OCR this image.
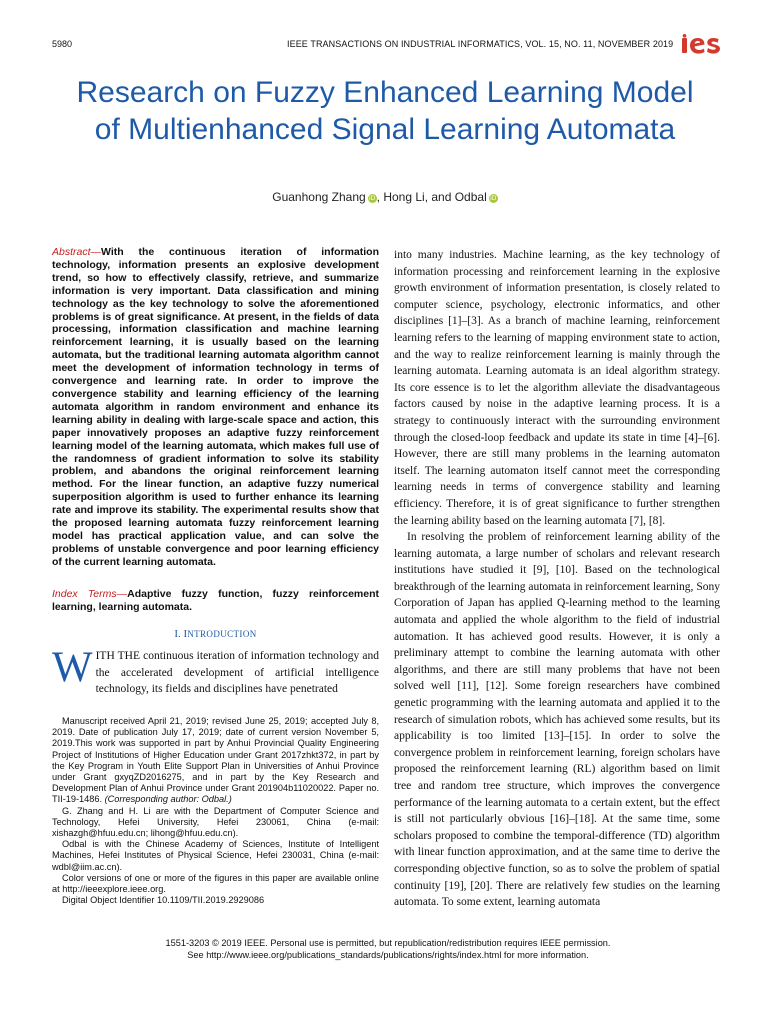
5980	IEEE TRANSACTIONS ON INDUSTRIAL INFORMATICS, VOL. 15, NO. 11, NOVEMBER 2019
Research on Fuzzy Enhanced Learning Model of Multienhanced Signal Learning Automata
Guanhong Zhang iD, Hong Li, and Odbal iD

Abstract—With the continuous iteration of information technology, information presents an explosive development trend, so how to effectively classify, retrieve, and summarize information is very important. Data classification and mining technology as the key technology to solve the aforementioned problems is of great significance. At present, in the fields of data processing, information classification and machine learning reinforcement learning, it is usually based on the learning automata, but the traditional learning automata algorithm cannot meet the development of information technology in terms of convergence and learning rate. In order to improve the convergence stability and learning efficiency of the learning automata algorithm in random environment and enhance its learning ability in dealing with large-scale space and action, this paper innovatively proposes an adaptive fuzzy reinforcement learning model of the learning automata, which makes full use of the randomness of gradient information to solve its stability problem, and abandons the original reinforcement learning method. For the linear function, an adaptive fuzzy numerical superposition algorithm is used to further enhance its learning rate and improve its stability. The experimental results show that the proposed learning automata fuzzy reinforcement learning model has practical application value, and can solve the problems of unstable convergence and poor learning efficiency of the current learning automata.

Index Terms—Adaptive fuzzy function, fuzzy reinforcement learning, learning automata.

I. INTRODUCTION

WITH THE continuous iteration of information technology and the accelerated development of artificial intelligence technology, its fields and disciplines have penetrated

Manuscript received April 21, 2019; revised June 25, 2019; accepted July 8, 2019. Date of publication July 17, 2019; date of current version November 5, 2019.This work was supported in part by Anhui Provincial Quality Engineering Project of Institutions of Higher Education under Grant 2017zhkt372, in part by the Key Program in Youth Elite Support Plan in Universities of Anhui Province under Grant gxyqZD2016275, and in part by the Key Research and Development Plan of Anhui Province under Grant 201904b11020022. Paper no. TII-19-1486. (Corresponding author: Odbal.)

G. Zhang and H. Li are with the Department of Computer Science and Technology, Hefei University, Hefei 230061, China (e-mail: xishazgh@hfuu.edu.cn; lihong@hfuu.edu.cn).

Odbal is with the Chinese Academy of Sciences, Institute of Intelligent Machines, Hefei Institutes of Physical Science, Hefei 230031, China (e-mail: wdbl@iim.ac.cn).

Color versions of one or more of the figures in this paper are available online at http://ieeexplore.ieee.org.

Digital Object Identifier 10.1109/TII.2019.2929086

into many industries. Machine learning, as the key technology of information processing and reinforcement learning in the explosive growth environment of information presentation, is closely related to computer science, psychology, electronic informatics, and other disciplines [1]–[3]. As a branch of machine learning, reinforcement learning refers to the learning of mapping environment state to action, and the way to realize reinforcement learning is mainly through the learning automata. Learning automata is an ideal algorithm strategy. Its core essence is to let the algorithm alleviate the disadvantageous factors caused by noise in the adaptive learning process. It is a strategy to continuously interact with the surrounding environment through the closed-loop feedback and update its state in time [4]–[6]. However, there are still many problems in the learning automaton itself. The learning automaton itself cannot meet the corresponding learning needs in terms of convergence stability and learning efficiency. Therefore, it is of great significance to further strengthen the learning ability based on the learning automata [7], [8].

In resolving the problem of reinforcement learning ability of the learning automata, a large number of scholars and relevant research institutions have studied it [9], [10]. Based on the technological breakthrough of the learning automata in reinforcement learning, Sony Corporation of Japan has applied Q-learning method to the learning automata and applied the whole algorithm to the field of industrial automation. It has achieved good results. However, it is only a preliminary attempt to combine the learning automata with other algorithms, and there are still many problems that have not been solved well [11], [12]. Some foreign researchers have combined genetic programming with the learning automata and applied it to the research of simulation robots, which has achieved some results, but its applicability is too limited [13]–[15]. In order to solve the convergence problem in reinforcement learning, foreign scholars have proposed the reinforcement learning (RL) algorithm based on limit tree and random tree structure, which improves the convergence performance of the learning automata to a certain extent, but the effect is still not particularly obvious [16]–[18]. At the same time, some scholars proposed to combine the temporal-difference (TD) algorithm with linear function approximation, and at the same time to derive the corresponding objective function, so as to solve the problem of spatial continuity [19], [20]. There are relatively few studies on the learning automata. To some extent, learning automata

1551-3203 © 2019 IEEE. Personal use is permitted, but republication/redistribution requires IEEE permission.
See http://www.ieee.org/publications_standards/publications/rights/index.html for more information.
